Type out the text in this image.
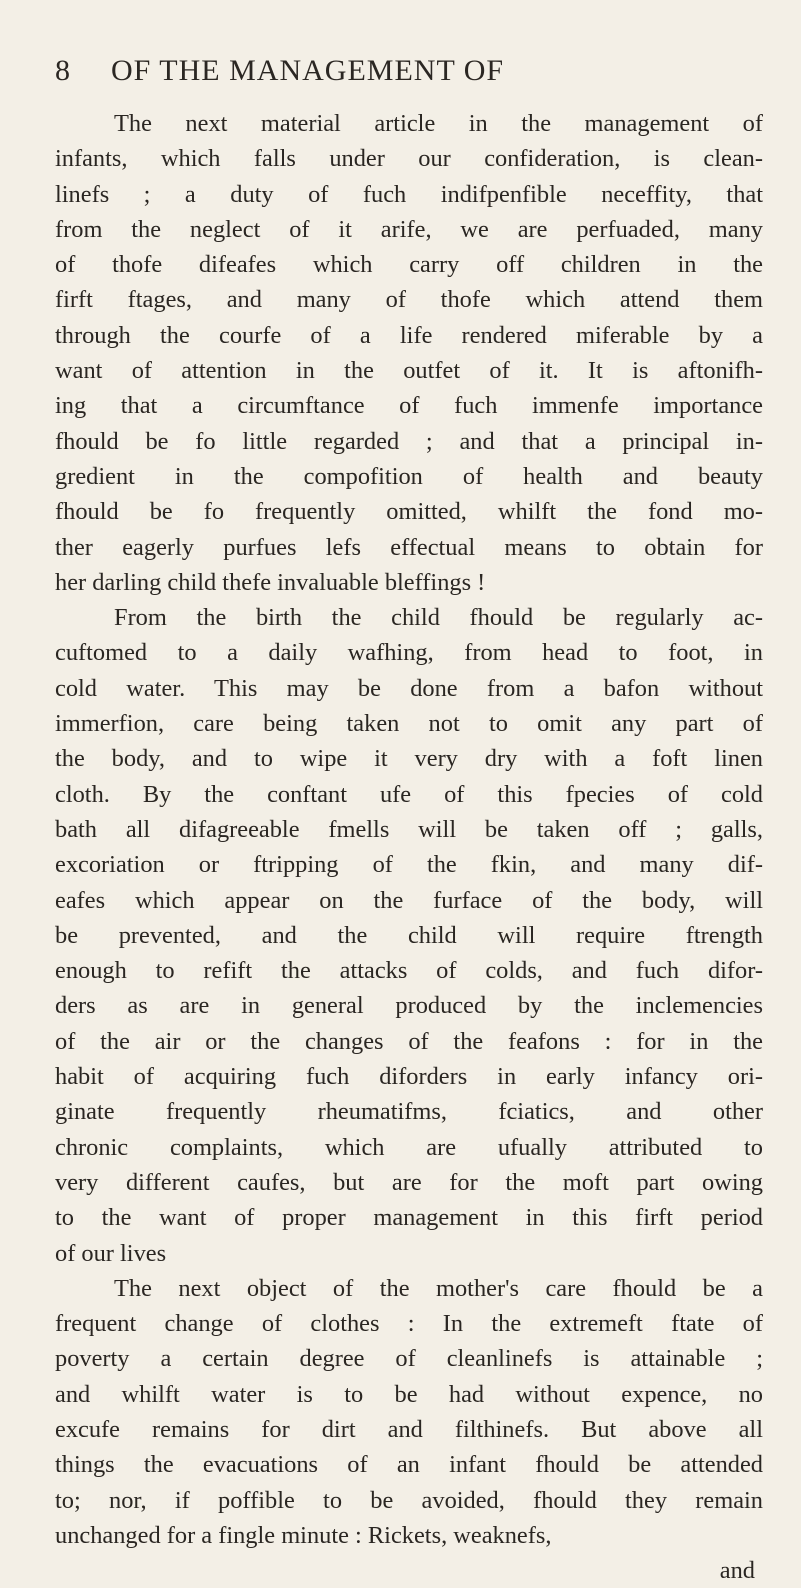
8	OF THE MANAGEMENT OF
The next material article in the management of
infants, which falls under our confideration, is clean-
linefs ; a duty of fuch indifpenfible neceffity, that
from the neglect of it arife, we are perfuaded, many
of thofe difeafes which carry off children in the
firft ftages, and many of thofe which attend them
through the courfe of a life rendered miferable by a
want of attention in the outfet of it. It is aftonifh-
ing that a circumftance of fuch immenfe importance
fhould be fo little regarded ; and that a principal in-
gredient in the compofition of health and beauty
fhould be fo frequently omitted, whilft the fond mo-
ther eagerly purfues lefs effectual means to obtain for
her darling child thefe invaluable bleffings !
From the birth the child fhould be regularly ac-
cuftomed to a daily wafhing, from head to foot, in
cold water. This may be done from a bafon without
immerfion, care being taken not to omit any part of
the body, and to wipe it very dry with a foft linen
cloth. By the conftant ufe of this fpecies of cold
bath all difagreeable fmells will be taken off ; galls,
excoriation or ftripping of the fkin, and many dif-
eafes which appear on the furface of the body, will
be prevented, and the child will require ftrength
enough to refift the attacks of colds, and fuch difor-
ders as are in general produced by the inclemencies
of the air or the changes of the feafons : for in the
habit of acquiring fuch diforders in early infancy ori-
ginate frequently rheumatifms, fciatics, and other
chronic complaints, which are ufually attributed to
very different caufes, but are for the moft part owing
to the want of proper management in this firft period
of our lives
The next object of the mother's care fhould be a
frequent change of clothes : In the extremeft ftate of
poverty a certain degree of cleanlinefs is attainable ;
and whilft water is to be had without expence, no
excufe remains for dirt and filthinefs. But above all
things the evacuations of an infant fhould be attended
to; nor, if poffible to be avoided, fhould they remain
unchanged for a fingle minute : Rickets, weaknefs,
and
